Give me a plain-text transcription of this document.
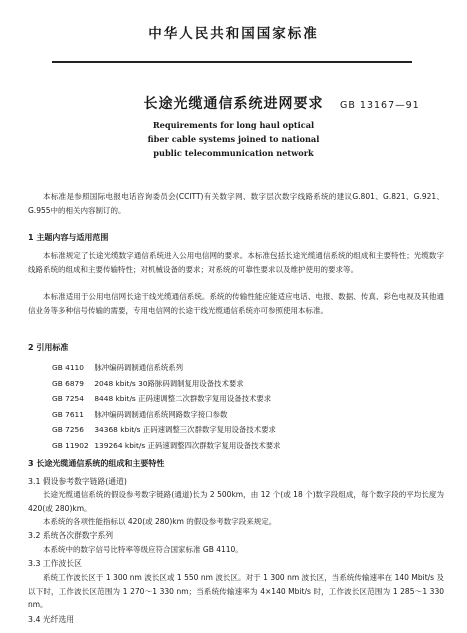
中华人民共和国国家标准
长途光缆通信系统进网要求	GB 13167—91
Requirements for long haul optical
fiber cable systems joined to national
public telecommunication network
本标准是参照国际电报电话咨询委员会(CCITT)有关数字网、数字层次数字线路系统的建议G.801、G.821、G.921、G.955中的相关内容制订的。
1 主题内容与适用范围
本标准规定了长途光缆数字通信系统进入公用电信网的要求。本标准包括长途光缆通信系统的组成和主要特性；光缆数字线路系统的组成和主要传输特性；对机械设备的要求；对系统的可靠性要求以及维护使用的要求等。
本标准适用于公用电信网长途干线光缆通信系统。系统的传输性能应能适应电话、电报、数据、传真、彩色电视及其他通信业务等多种信号传输的需要，专用电信网的长途干线光缆通信系统亦可参照使用本标准。
2 引用标准
GB 4110 脉冲编码调制通信系统系列
GB 6879 2048 kbit/s 30路脉码调制复用设备技术要求
GB 7254 8448 kbit/s 正码速调整二次群数字复用设备技术要求
GB 7611 脉冲编码调制通信系统网路数字接口参数
GB 7256 34368 kbit/s 正码速调整三次群数字复用设备技术要求
GB 11902 139264 kbit/s 正码速调整四次群数字复用设备技术要求
3 长途光缆通信系统的组成和主要特性
3.1 假设参考数字链路(通道)
长途光缆通信系统的假设参考数字链路(通道)长为 2 500km，由 12 个(或 18 个)数字段组成，每个数字段的平均长度为 420(或 280)km。
本系统的各项性能指标以 420(或 280)km 的假设参考数字段来规定。
3.2 系统各次群数字系列
本系统中的数字信号比特率等级应符合国家标准 GB 4110。
3.3 工作波长区
系统工作波长区于 1 300 nm 波长区或 1 550 nm 波长区。对于 1 300 nm 波长区，当系统传输速率在 140 Mbit/s 及以下时，工作波长区范围为 1 270～1 330 nm；当系统传输速率为 4×140 Mbit/s 时，工作波长区范围为 1 285～1 330 nm。
3.4 光纤选用
